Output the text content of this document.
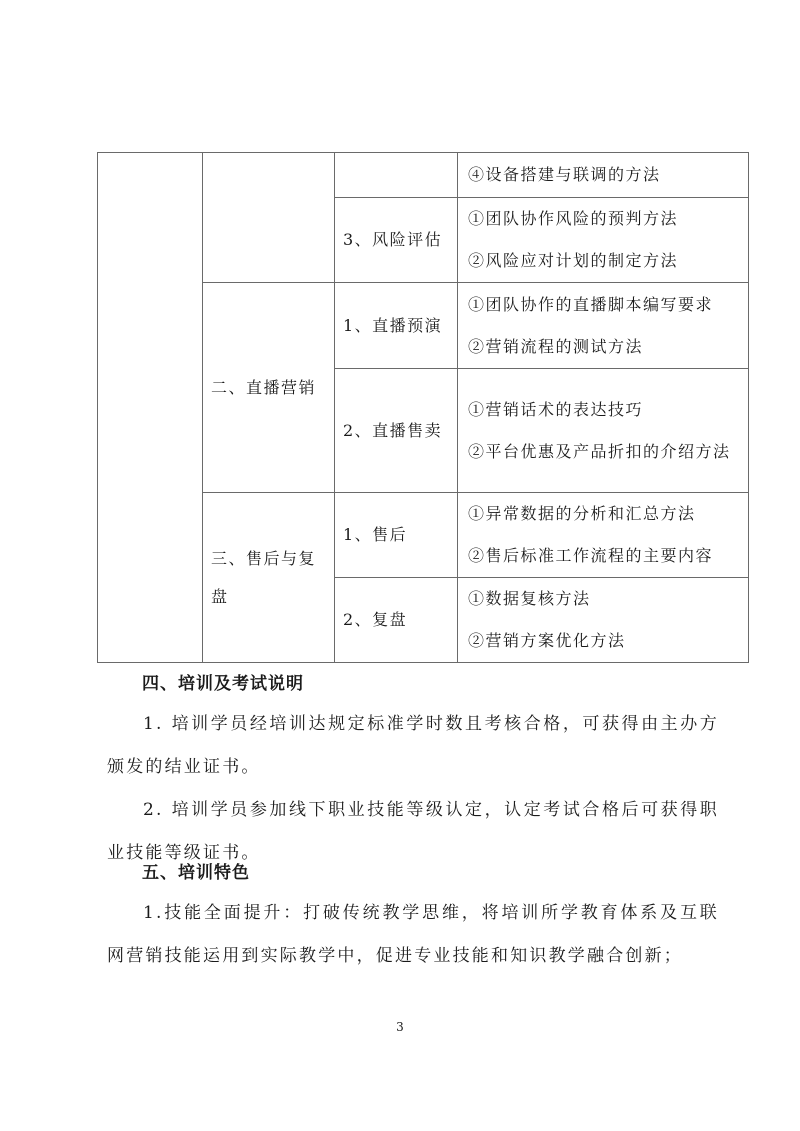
			④设备搭建与联调的方法

		3、风险评估	①团队协作风险的预判方法
②风险应对计划的制定方法

	二、直播营销	1、直播预演	①团队协作的直播脚本编写要求
②营销流程的测试方法

		2、直播售卖	①营销话术的表达技巧
②平台优惠及产品折扣的介绍方法

	三、售后与复盘	1、售后	①异常数据的分析和汇总方法
②售后标准工作流程的主要内容

		2、复盘	①数据复核方法
②营销方案优化方法
四、培训及考试说明
1. 培训学员经培训达规定标准学时数且考核合格，可获得由主办方颁发的结业证书。
2. 培训学员参加线下职业技能等级认定，认定考试合格后可获得职业技能等级证书。
五、培训特色
1.技能全面提升：打破传统教学思维，将培训所学教育体系及互联网营销技能运用到实际教学中，促进专业技能和知识教学融合创新；
3
